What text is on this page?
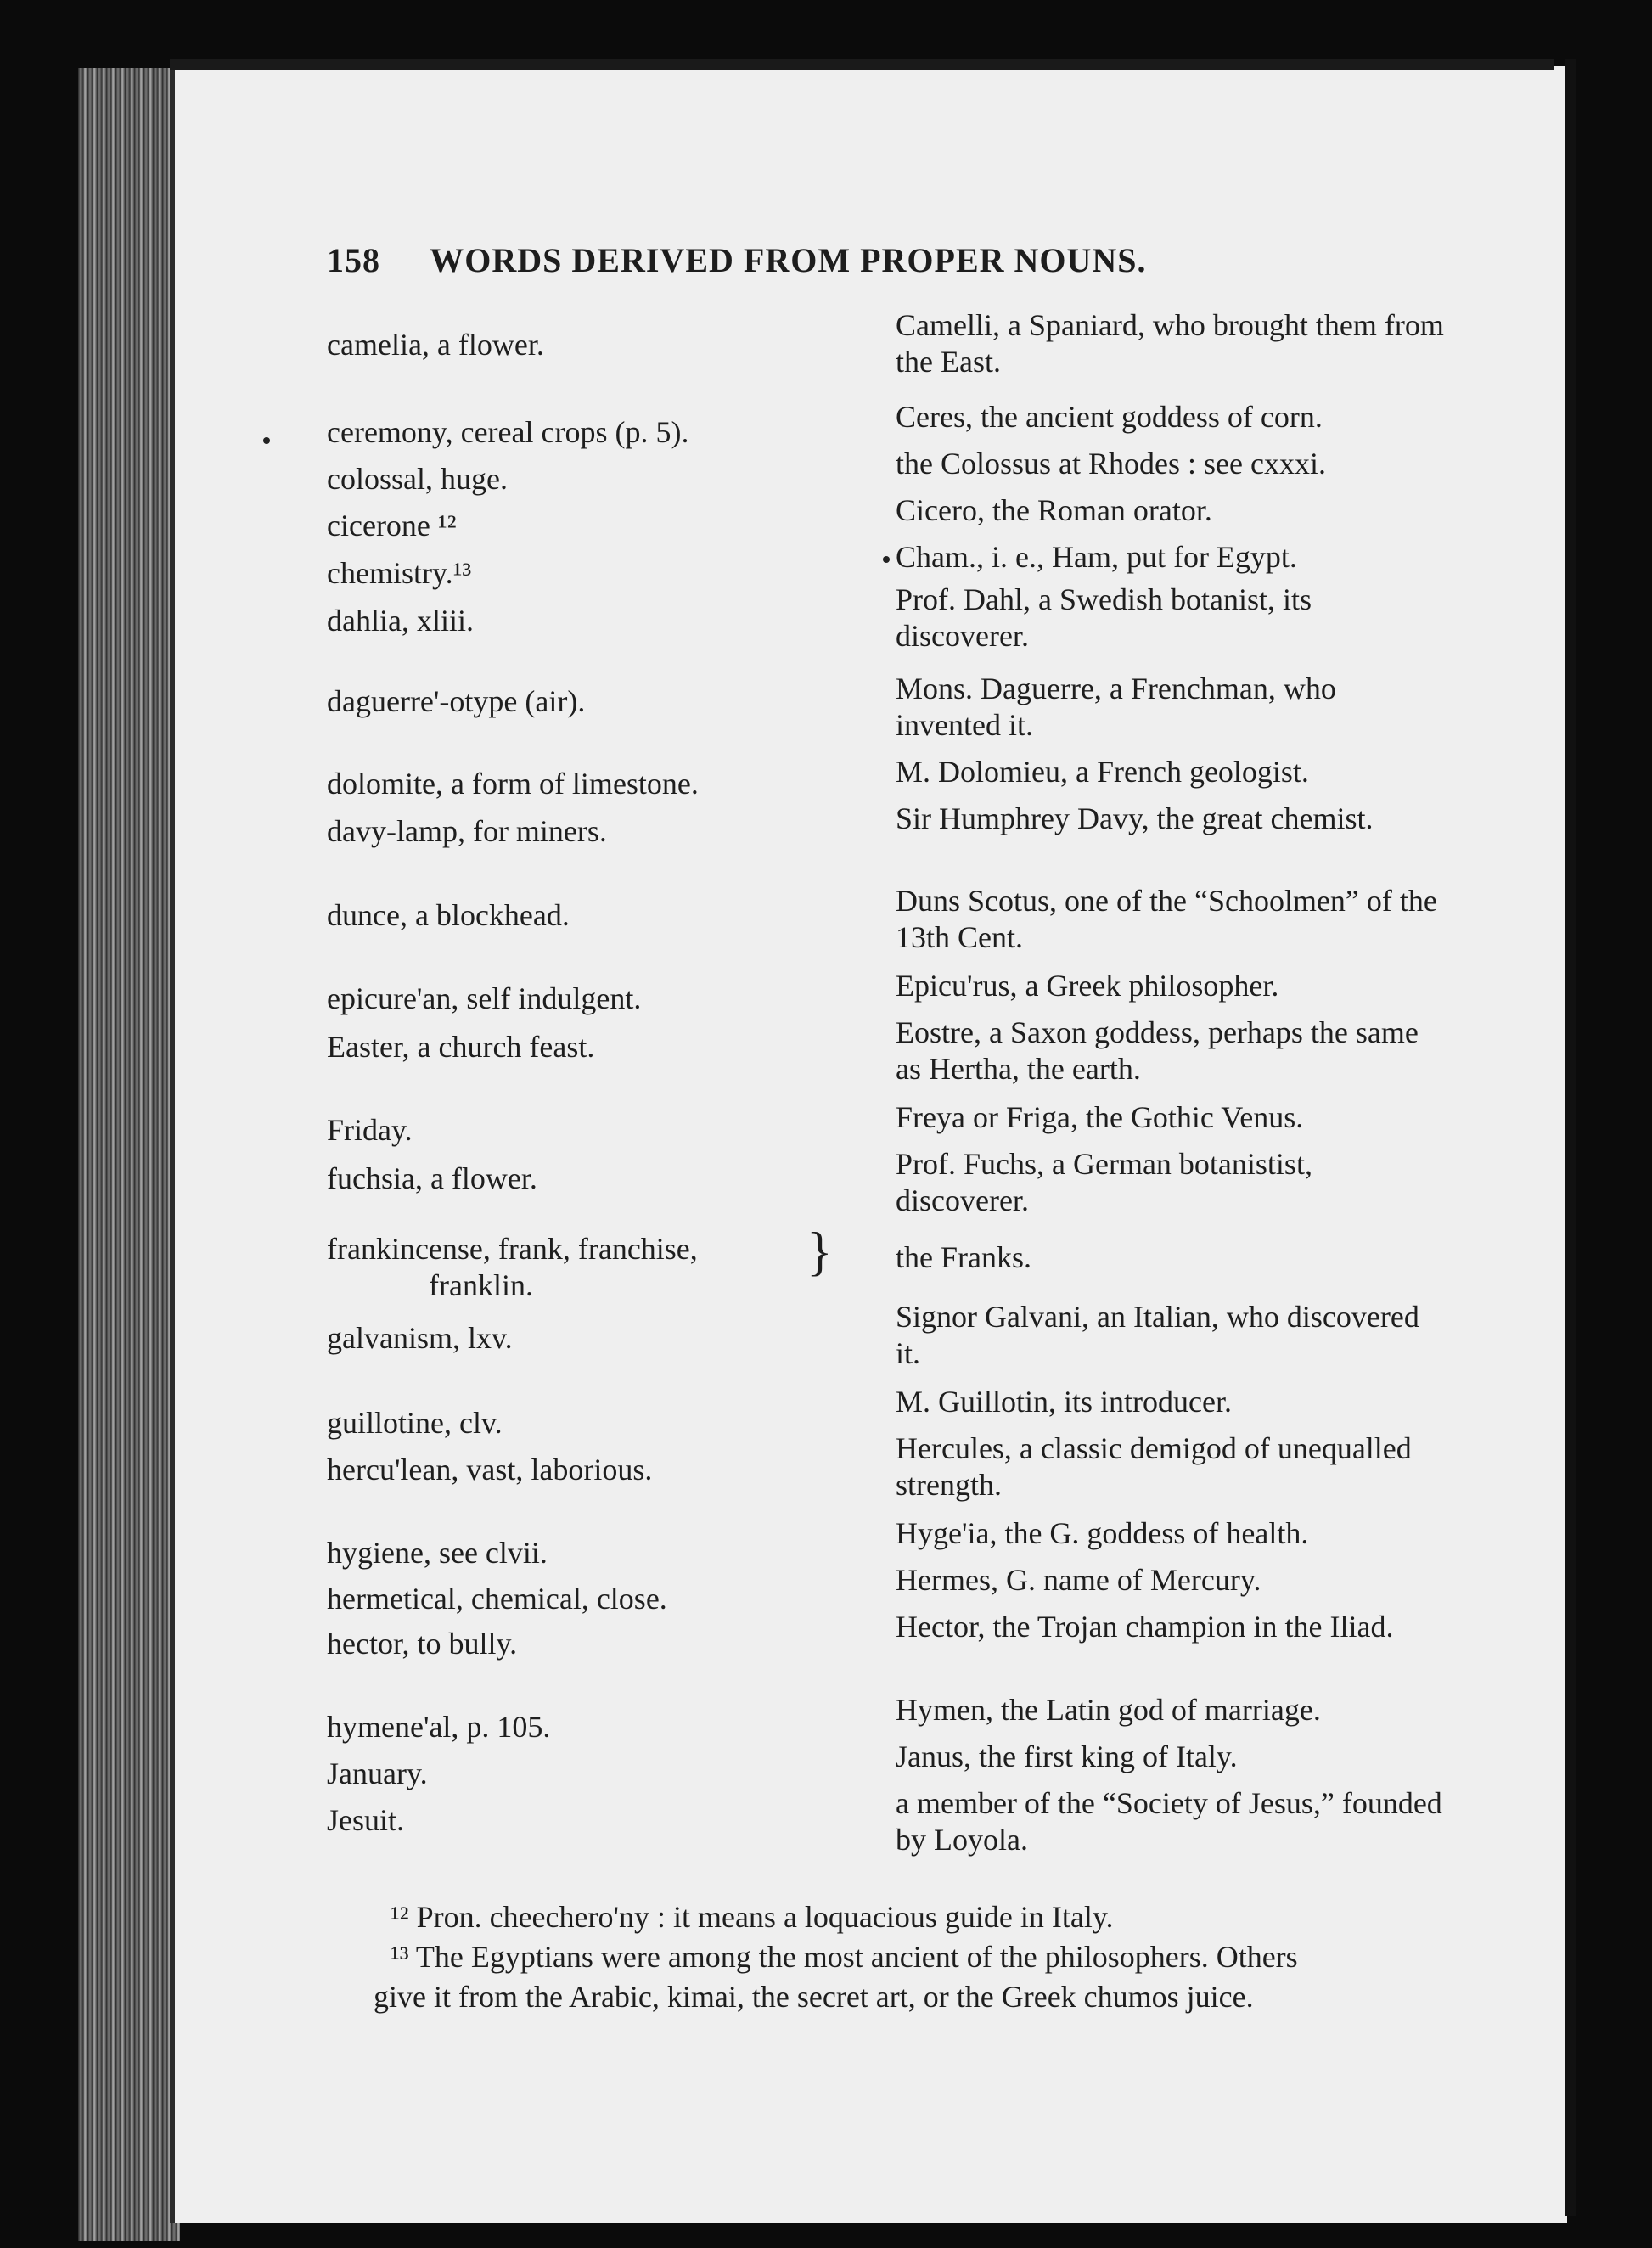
158 WORDS DERIVED FROM PROPER NOUNS.
camelia, a flower.
ceremony, cereal crops (p. 5).
colossal, huge.
cicerone ¹²
chemistry.¹³
dahlia, xliii.
daguerre'-otype (air).
dolomite, a form of limestone.
davy-lamp, for miners.
dunce, a blockhead.
epicure'an, self indulgent.
Easter, a church feast.
Friday.
fuchsia, a flower.
frankincense, frank, franchise,
franklin.
}
galvanism, lxv.
guillotine, clv.
hercu'lean, vast, laborious.
hygiene, see clvii.
hermetical, chemical, close.
hector, to bully.
hymene'al, p. 105.
January.
Jesuit.
Camelli, a Spaniard, who brought them from the East.
Ceres, the ancient goddess of corn.
the Colossus at Rhodes : see cxxxi.
Cicero, the Roman orator.
Cham., i. e., Ham, put for Egypt.
Prof. Dahl, a Swedish botanist, its discoverer.
Mons. Daguerre, a Frenchman, who invented it.
M. Dolomieu, a French geologist.
Sir Humphrey Davy, the great chemist.
Duns Scotus, one of the “Schoolmen” of the 13th Cent.
Epicu'rus, a Greek philosopher.
Eostre, a Saxon goddess, perhaps the same as Hertha, the earth.
Freya or Friga, the Gothic Venus.
Prof. Fuchs, a German botanistist, discoverer.
the Franks.
Signor Galvani, an Italian, who discovered it.
M. Guillotin, its introducer.
Hercules, a classic demigod of unequalled strength.
Hyge'ia, the G. goddess of health.
Hermes, G. name of Mercury.
Hector, the Trojan champion in the Iliad.
Hymen, the Latin god of marriage.
Janus, the first king of Italy.
a member of the “Society of Jesus,” founded by Loyola.
¹² Pron. cheechero'ny : it means a loquacious guide in Italy.
¹³ The Egyptians were among the most ancient of the philosophers. Others
give it from the Arabic, kimai, the secret art, or the Greek chumos juice.
